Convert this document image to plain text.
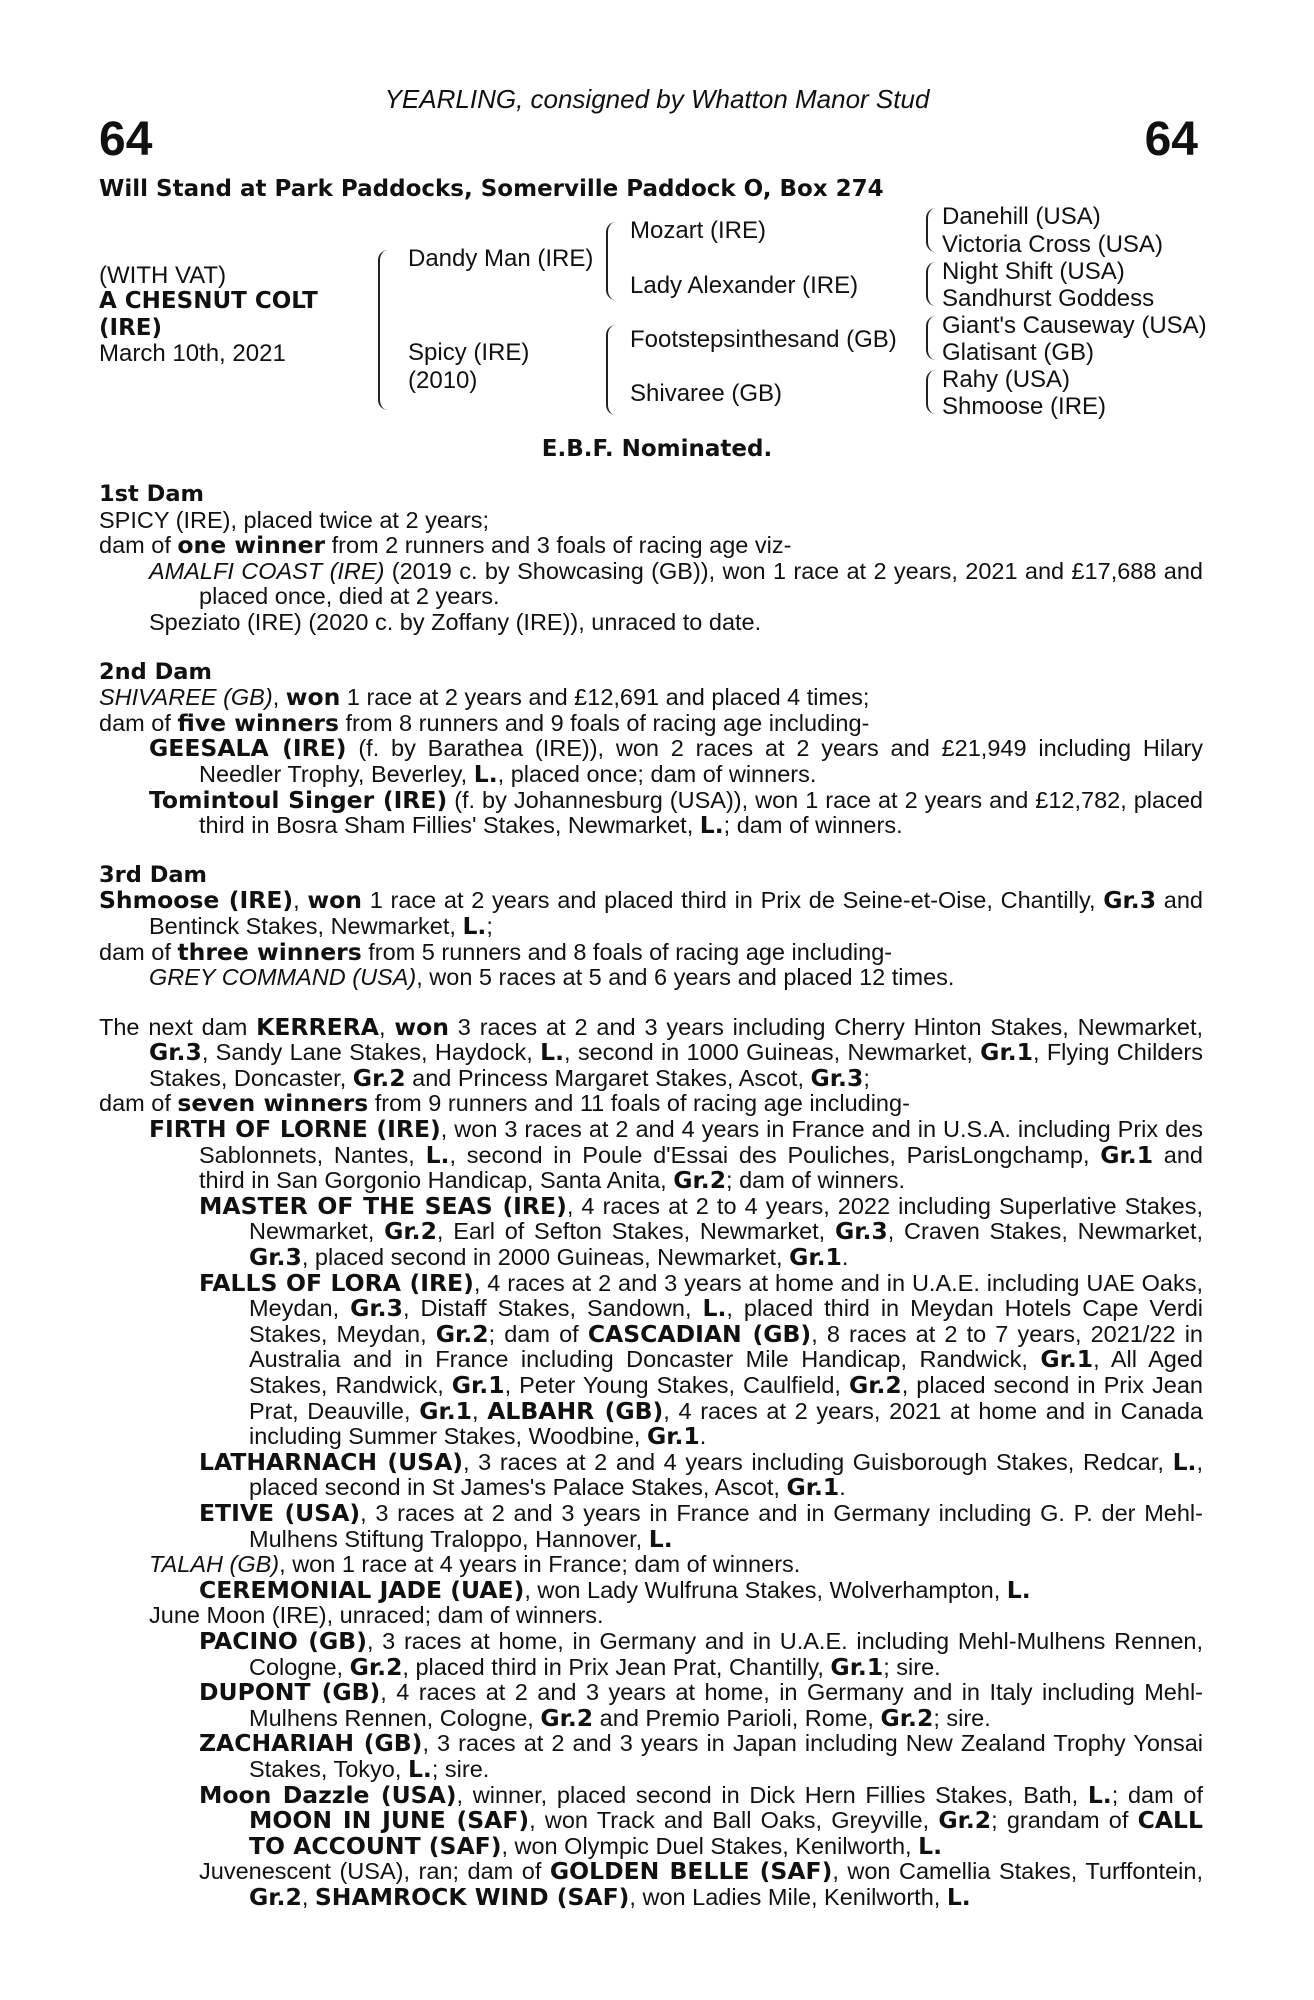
YEARLING, consigned by Whatton Manor Stud
64	64
Will Stand at Park Paddocks, Somerville Paddock O, Box 274
(WITH VAT)
A CHESNUT COLT
(IRE)
March 10th, 2021
Dandy Man (IRE)
Spicy (IRE)
(2010)
Mozart (IRE)
Lady Alexander (IRE)
Footstepsinthesand (GB)
Shivaree (GB)
Danehill (USA)
Victoria Cross (USA)
Night Shift (USA)
Sandhurst Goddess
Giant's Causeway (USA)
Glatisant (GB)
Rahy (USA)
Shmoose (IRE)
E.B.F. Nominated.

1st Dam

SPICY (IRE), placed twice at 2 years;

dam of one winner from 2 runners and 3 foals of racing age viz-

AMALFI COAST (IRE) (2019 c. by Showcasing (GB)), won 1 race at 2 years, 2021 and £17,688 and placed once, died at 2 years.

Speziato (IRE) (2020 c. by Zoffany (IRE)), unraced to date.

2nd Dam

SHIVAREE (GB), won 1 race at 2 years and £12,691 and placed 4 times;

dam of five winners from 8 runners and 9 foals of racing age including-

GEESALA (IRE) (f. by Barathea (IRE)), won 2 races at 2 years and £21,949 including Hilary Needler Trophy, Beverley, L., placed once; dam of winners.

Tomintoul Singer (IRE) (f. by Johannesburg (USA)), won 1 race at 2 years and £12,782, placed third in Bosra Sham Fillies' Stakes, Newmarket, L.; dam of winners.

3rd Dam

Shmoose (IRE), won 1 race at 2 years and placed third in Prix de Seine-et-Oise, Chantilly, Gr.3 and Bentinck Stakes, Newmarket, L.;

dam of three winners from 5 runners and 8 foals of racing age including-

GREY COMMAND (USA), won 5 races at 5 and 6 years and placed 12 times.

The next dam KERRERA, won 3 races at 2 and 3 years including Cherry Hinton Stakes, Newmarket, Gr.3, Sandy Lane Stakes, Haydock, L., second in 1000 Guineas, Newmarket, Gr.1, Flying Childers Stakes, Doncaster, Gr.2 and Princess Margaret Stakes, Ascot, Gr.3;

dam of seven winners from 9 runners and 11 foals of racing age including-

FIRTH OF LORNE (IRE), won 3 races at 2 and 4 years in France and in U.S.A. including Prix des Sablonnets, Nantes, L., second in Poule d'Essai des Pouliches, ParisLongchamp, Gr.1 and third in San Gorgonio Handicap, Santa Anita, Gr.2; dam of winners.

MASTER OF THE SEAS (IRE), 4 races at 2 to 4 years, 2022 including Superlative Stakes, Newmarket, Gr.2, Earl of Sefton Stakes, Newmarket, Gr.3, Craven Stakes, Newmarket, Gr.3, placed second in 2000 Guineas, Newmarket, Gr.1.

FALLS OF LORA (IRE), 4 races at 2 and 3 years at home and in U.A.E. including UAE Oaks, Meydan, Gr.3, Distaff Stakes, Sandown, L., placed third in Meydan Hotels Cape Verdi Stakes, Meydan, Gr.2; dam of CASCADIAN (GB), 8 races at 2 to 7 years, 2021/22 in Australia and in France including Doncaster Mile Handicap, Randwick, Gr.1, All Aged Stakes, Randwick, Gr.1, Peter Young Stakes, Caulfield, Gr.2, placed second in Prix Jean Prat, Deauville, Gr.1, ALBAHR (GB), 4 races at 2 years, 2021 at home and in Canada including Summer Stakes, Woodbine, Gr.1.

LATHARNACH (USA), 3 races at 2 and 4 years including Guisborough Stakes, Redcar, L., placed second in St James's Palace Stakes, Ascot, Gr.1.

ETIVE (USA), 3 races at 2 and 3 years in France and in Germany including G. P. der Mehl-Mulhens Stiftung Traloppo, Hannover, L.

TALAH (GB), won 1 race at 4 years in France; dam of winners.

CEREMONIAL JADE (UAE), won Lady Wulfruna Stakes, Wolverhampton, L.

June Moon (IRE), unraced; dam of winners.

PACINO (GB), 3 races at home, in Germany and in U.A.E. including Mehl-Mulhens Rennen, Cologne, Gr.2, placed third in Prix Jean Prat, Chantilly, Gr.1; sire.

DUPONT (GB), 4 races at 2 and 3 years at home, in Germany and in Italy including Mehl-Mulhens Rennen, Cologne, Gr.2 and Premio Parioli, Rome, Gr.2; sire.

ZACHARIAH (GB), 3 races at 2 and 3 years in Japan including New Zealand Trophy Yonsai Stakes, Tokyo, L.; sire.

Moon Dazzle (USA), winner, placed second in Dick Hern Fillies Stakes, Bath, L.; dam of MOON IN JUNE (SAF), won Track and Ball Oaks, Greyville, Gr.2; grandam of CALL TO ACCOUNT (SAF), won Olympic Duel Stakes, Kenilworth, L.

Juvenescent (USA), ran; dam of GOLDEN BELLE (SAF), won Camellia Stakes, Turffontein, Gr.2, SHAMROCK WIND (SAF), won Ladies Mile, Kenilworth, L.
